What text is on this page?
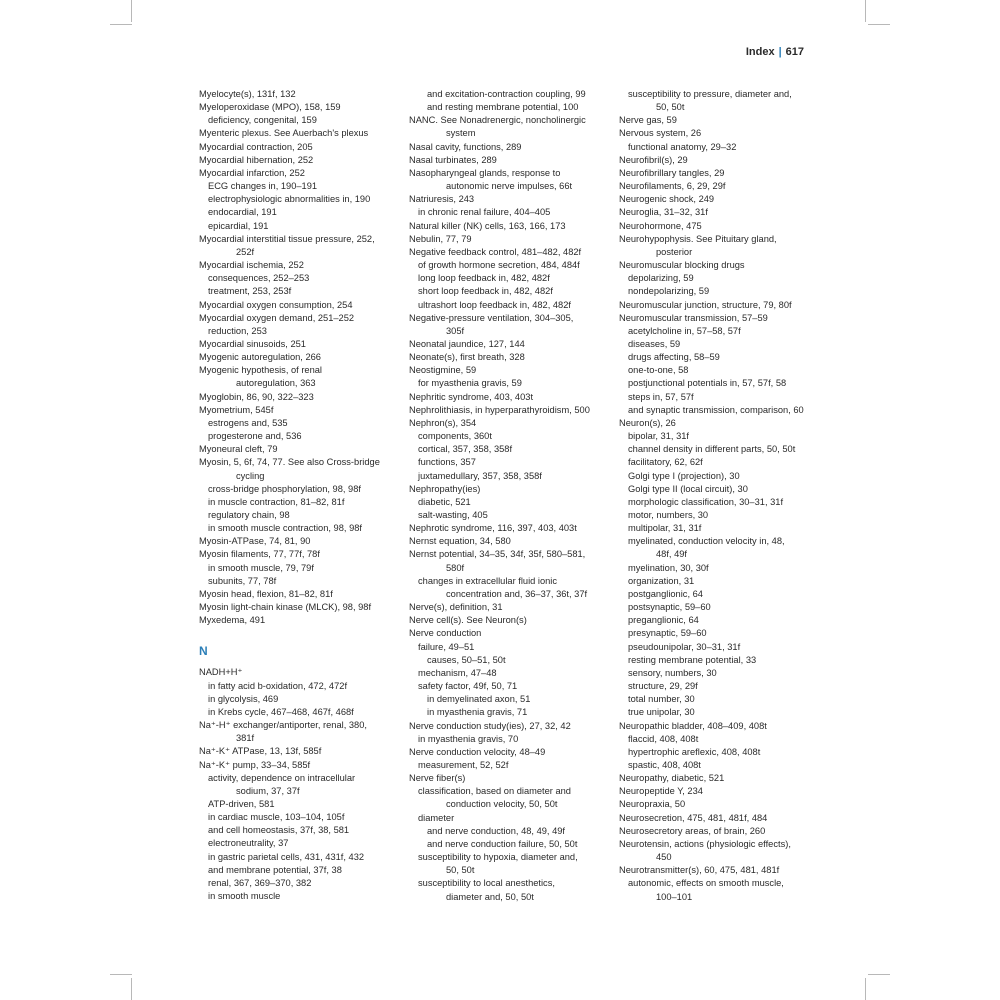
Index | 617
Myelocyte(s), 131f, 132
Myeloperoxidase (MPO), 158, 159
deficiency, congenital, 159
Myenteric plexus. See Auerbach's plexus
Myocardial contraction, 205
Myocardial hibernation, 252
Myocardial infarction, 252
ECG changes in, 190–191
electrophysiologic abnormalities in, 190
endocardial, 191
epicardial, 191
Myocardial interstitial tissue pressure, 252,
252f
Myocardial ischemia, 252
consequences, 252–253
treatment, 253, 253f
Myocardial oxygen consumption, 254
Myocardial oxygen demand, 251–252
reduction, 253
Myocardial sinusoids, 251
Myogenic autoregulation, 266
Myogenic hypothesis, of renal
autoregulation, 363
Myoglobin, 86, 90, 322–323
Myometrium, 545f
estrogens and, 535
progesterone and, 536
Myoneural cleft, 79
Myosin, 5, 6f, 74, 77. See also Cross-bridge
cycling
cross-bridge phosphorylation, 98, 98f
in muscle contraction, 81–82, 81f
regulatory chain, 98
in smooth muscle contraction, 98, 98f
Myosin-ATPase, 74, 81, 90
Myosin filaments, 77, 77f, 78f
in smooth muscle, 79, 79f
subunits, 77, 78f
Myosin head, flexion, 81–82, 81f
Myosin light-chain kinase (MLCK), 98, 98f
Myxedema, 491
N
NADH+H⁺
in fatty acid b-oxidation, 472, 472f
in glycolysis, 469
in Krebs cycle, 467–468, 467f, 468f
Na⁺-H⁺ exchanger/antiporter, renal, 380,
381f
Na⁺-K⁺ ATPase, 13, 13f, 585f
Na⁺-K⁺ pump, 33–34, 585f
activity, dependence on intracellular
sodium, 37, 37f
ATP-driven, 581
in cardiac muscle, 103–104, 105f
and cell homeostasis, 37f, 38, 581
electroneutrality, 37
in gastric parietal cells, 431, 431f, 432
and membrane potential, 37f, 38
renal, 367, 369–370, 382
in smooth muscle
and excitation-contraction coupling, 99
and resting membrane potential, 100
NANC. See Nonadrenergic, noncholinergic
system
Nasal cavity, functions, 289
Nasal turbinates, 289
Nasopharyngeal glands, response to
autonomic nerve impulses, 66t
Natriuresis, 243
in chronic renal failure, 404–405
Natural killer (NK) cells, 163, 166, 173
Nebulin, 77, 79
Negative feedback control, 481–482, 482f
of growth hormone secretion, 484, 484f
long loop feedback in, 482, 482f
short loop feedback in, 482, 482f
ultrashort loop feedback in, 482, 482f
Negative-pressure ventilation, 304–305,
305f
Neonatal jaundice, 127, 144
Neonate(s), first breath, 328
Neostigmine, 59
for myasthenia gravis, 59
Nephritic syndrome, 403, 403t
Nephrolithiasis, in hyperparathyroidism, 500
Nephron(s), 354
components, 360t
cortical, 357, 358, 358f
functions, 357
juxtamedullary, 357, 358, 358f
Nephropathy(ies)
diabetic, 521
salt-wasting, 405
Nephrotic syndrome, 116, 397, 403, 403t
Nernst equation, 34, 580
Nernst potential, 34–35, 34f, 35f, 580–581,
580f
changes in extracellular fluid ionic
concentration and, 36–37, 36t, 37f
Nerve(s), definition, 31
Nerve cell(s). See Neuron(s)
Nerve conduction
failure, 49–51
causes, 50–51, 50t
mechanism, 47–48
safety factor, 49f, 50, 71
in demyelinated axon, 51
in myasthenia gravis, 71
Nerve conduction study(ies), 27, 32, 42
in myasthenia gravis, 70
Nerve conduction velocity, 48–49
measurement, 52, 52f
Nerve fiber(s)
classification, based on diameter and
conduction velocity, 50, 50t
diameter
and nerve conduction, 48, 49, 49f
and nerve conduction failure, 50, 50t
susceptibility to hypoxia, diameter and,
50, 50t
susceptibility to local anesthetics,
diameter and, 50, 50t
susceptibility to pressure, diameter and,
50, 50t
Nerve gas, 59
Nervous system, 26
functional anatomy, 29–32
Neurofibril(s), 29
Neurofibrillary tangles, 29
Neurofilaments, 6, 29, 29f
Neurogenic shock, 249
Neuroglia, 31–32, 31f
Neurohormone, 475
Neurohypophysis. See Pituitary gland,
posterior
Neuromuscular blocking drugs
depolarizing, 59
nondepolarizing, 59
Neuromuscular junction, structure, 79, 80f
Neuromuscular transmission, 57–59
acetylcholine in, 57–58, 57f
diseases, 59
drugs affecting, 58–59
one-to-one, 58
postjunctional potentials in, 57, 57f, 58
steps in, 57, 57f
and synaptic transmission, comparison, 60
Neuron(s), 26
bipolar, 31, 31f
channel density in different parts, 50, 50t
facilitatory, 62, 62f
Golgi type I (projection), 30
Golgi type II (local circuit), 30
morphologic classification, 30–31, 31f
motor, numbers, 30
multipolar, 31, 31f
myelinated, conduction velocity in, 48,
48f, 49f
myelination, 30, 30f
organization, 31
postganglionic, 64
postsynaptic, 59–60
preganglionic, 64
presynaptic, 59–60
pseudounipolar, 30–31, 31f
resting membrane potential, 33
sensory, numbers, 30
structure, 29, 29f
total number, 30
true unipolar, 30
Neuropathic bladder, 408–409, 408t
flaccid, 408, 408t
hypertrophic areflexic, 408, 408t
spastic, 408, 408t
Neuropathy, diabetic, 521
Neuropeptide Y, 234
Neuropraxia, 50
Neurosecretion, 475, 481, 481f, 484
Neurosecretory areas, of brain, 260
Neurotensin, actions (physiologic effects),
450
Neurotransmitter(s), 60, 475, 481, 481f
autonomic, effects on smooth muscle,
100–101
